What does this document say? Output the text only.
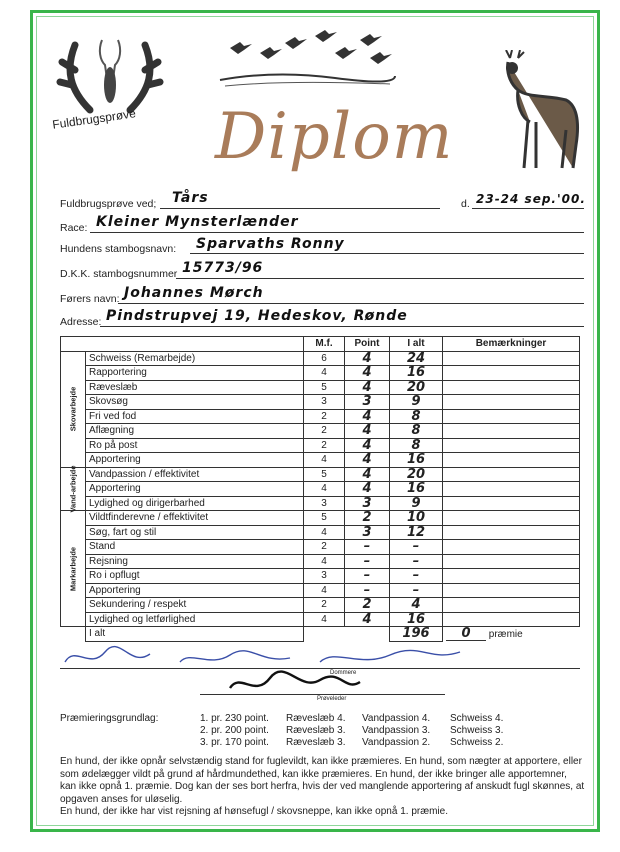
Fuldbrugsprøve Diplom
Fuldbrugsprøve ved; Tårs	d. 23-24 sep.'00.
Race: Kleiner Mynsterlænder
Hundens stambogsnavn: Sparvaths Ronny
D.K.K. stambogsnummer 15773/96
Førers navn: Johannes Mørch
Adresse: Pindstrupvej 19, Hedeskov, Rønde
		M.f.	Point	I alt	Bemærkninger

Skovarbejde	Schweiss (Remarbejde)	6	4	24	
	Rapportering	4	4	16	
	Ræveslæb	5	4	20	
	Skovsøg	3	3	9	
	Fri ved fod	2	4	8	
	Aflægning	2	4	8	
	Ro på post	2	4	8	
	Apportering	4	4	16	

Vand-arbejde	Vandpassion / effektivitet	5	4	20	
	Apportering	4	4	16	
	Lydighed og dirigerbarhed	3	3	9	

Markarbejde	Vildtfinderevne / effektivitet	5	2	10	
	Søg, fart og stil	4	3	12	
	Stand	2	–	–	
	Rejsning	4	–	–	
	Ro i opflugt	3	–	–	
	Apportering	4	–	–	
	Sekundering / respekt	2	2	4	
	Lydighed og letførlighed	4	4	16	
	I alt			196	0 præmie
Dommere
Prøveleder
Præmieringsgrundlag:	1. pr. 230 point. Ræveslæb 4. Vandpassion 4. Schweiss 4.
2. pr. 200 point. Ræveslæb 3. Vandpassion 3. Schweiss 3.
3. pr. 170 point. Ræveslæb 3. Vandpassion 2. Schweiss 2.
En hund, der ikke opnår selvstændig stand for fuglevildt, kan ikke præmieres. En hund, som nægter at apportere, eller som ødelægger vildt på grund af hårdmundethed, kan ikke præmieres. En hund, der ikke bringer alle apportemner, kan ikke opnå 1. præmie. Dog kan der ses bort herfra, hvis der ved manglende apportering af anskudt fugl skønnes, at opgaven anses for uløselig.
En hund, der ikke har vist rejsning af hønsefugl / skovsneppe, kan ikke opnå 1. præmie.
